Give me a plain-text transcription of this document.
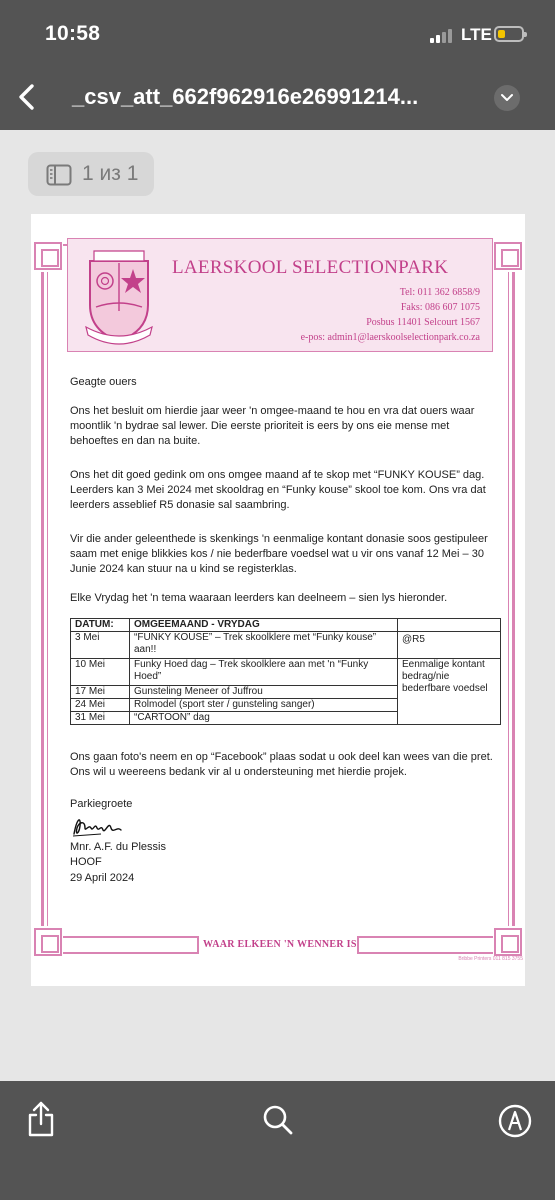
10:58	LTE
_csv_att_662f962916e26991214...
1 из 1
LAERSKOOL SELECTIONPARK
Tel: 011 362 6858/9
Faks: 086 607 1075
Posbus 11401 Selcourt 1567
e-pos: admin1@laerskoolselectionpark.co.za
Geagte ouers
Ons het besluit om hierdie jaar weer 'n omgee-maand te hou en vra dat ouers waar moontlik 'n bydrae sal lewer. Die eerste prioriteit is eers by ons eie mense met behoeftes en dan na buite.
Ons het dit goed gedink om ons omgee maand af te skop met “FUNKY KOUSE” dag. Leerders kan 3 Mei 2024 met skooldrag en “Funky kouse” skool toe kom. Ons vra dat leerders asseblief R5 donasie sal saambring.
Vir die ander geleenthede is skenkings 'n eenmalige kontant donasie soos gestipuleer saam met enige blikkies kos / nie bederfbare voedsel wat u vir ons vanaf 12 Mei – 30 Junie 2024 kan stuur na u kind se registerklas.
Elke Vrydag het 'n tema waaraan leerders kan deelneem – sien lys hieronder.
DATUM:	OMGEEMAAND - VRYDAG	
3 Mei	“FUNKY KOUSE” – Trek skoolklere met “Funky kouse” aan!!	@R5
10 Mei	Funky Hoed dag – Trek skoolklere aan met 'n “Funky Hoed”	Eenmalige kontant bedrag/nie bederfbare voedsel
17 Mei	Gunsteling Meneer of Juffrou	
24 Mei	Rolmodel (sport ster / gunsteling sanger)	
31 Mei	“CARTOON” dag	
Ons gaan foto's neem en op “Facebook” plaas sodat u ook deel kan wees van die pret. Ons wil u weereens bedank vir al u ondersteuning met hierdie projek.
Parkiegroete
Mnr. A.F. du Plessis
HOOF
29 April 2024
WAAR ELKEEN 'N WENNER IS
Bribbe Printers 011 815 3755
